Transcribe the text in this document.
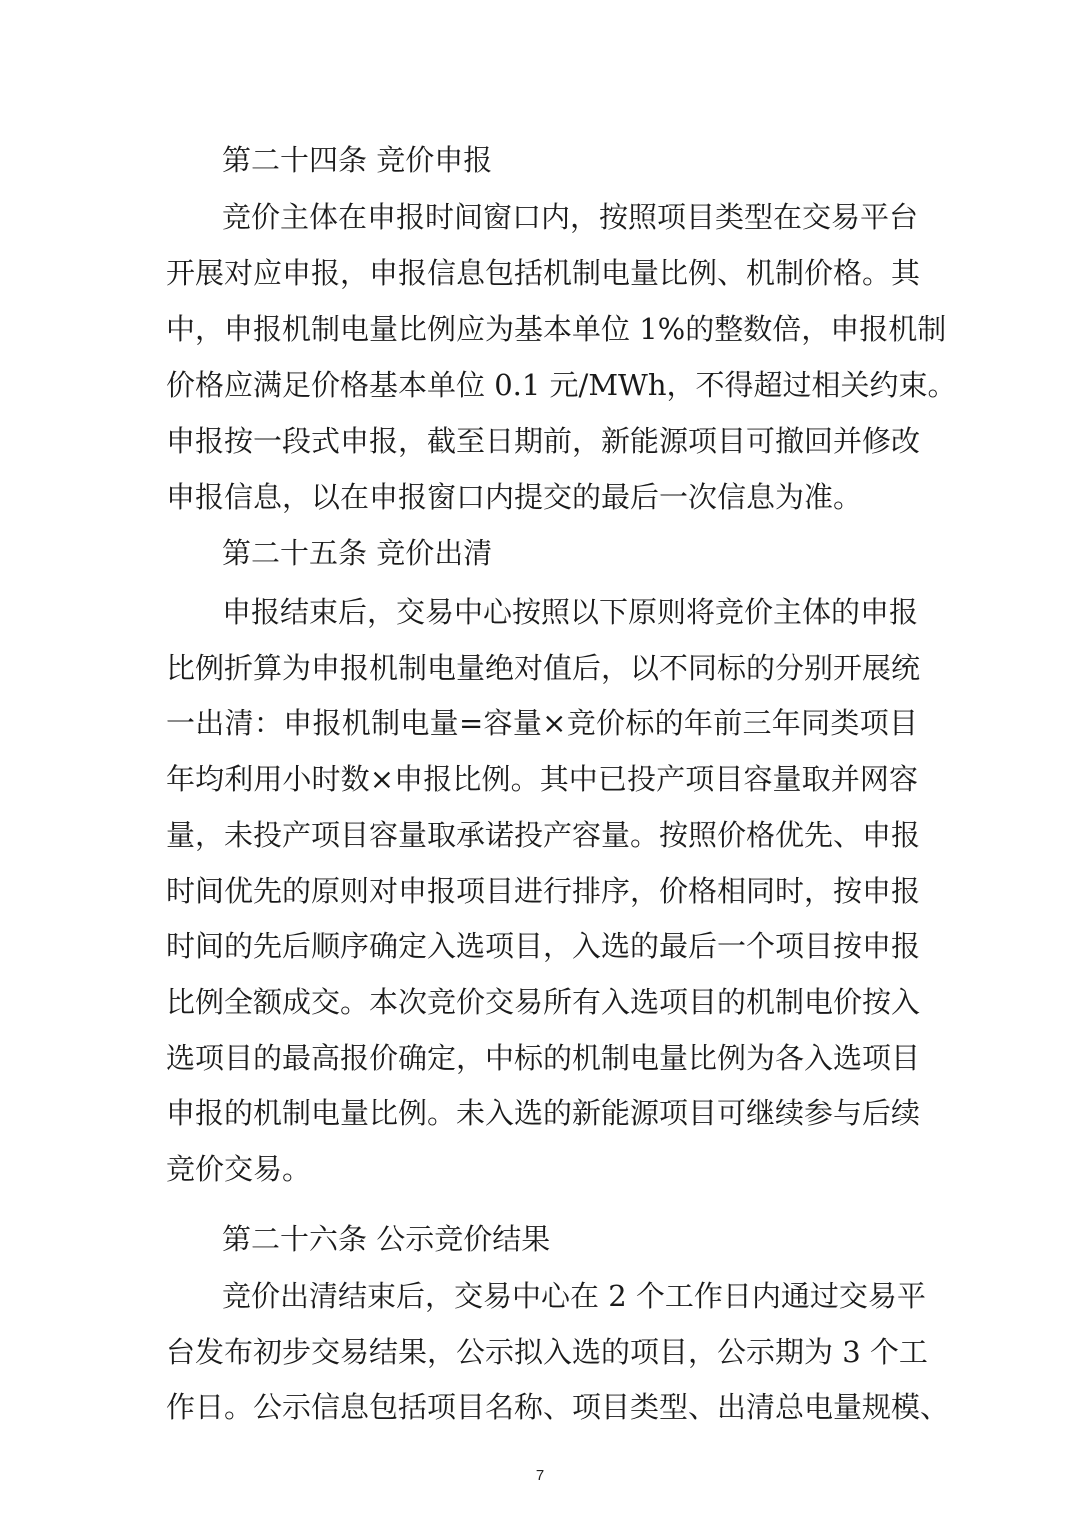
第二十四条 竞价申报
竞价主体在申报时间窗口内，按照项目类型在交易平台
开展对应申报，申报信息包括机制电量比例、机制价格。其
中，申报机制电量比例应为基本单位 1%的整数倍，申报机制
价格应满足价格基本单位 0.1 元/MWh，不得超过相关约束。
申报按一段式申报，截至日期前，新能源项目可撤回并修改
申报信息，以在申报窗口内提交的最后一次信息为准。
第二十五条 竞价出清
申报结束后，交易中心按照以下原则将竞价主体的申报
比例折算为申报机制电量绝对值后，以不同标的分别开展统
一出清：申报机制电量=容量×竞价标的年前三年同类项目
年均利用小时数×申报比例。其中已投产项目容量取并网容
量，未投产项目容量取承诺投产容量。按照价格优先、申报
时间优先的原则对申报项目进行排序，价格相同时，按申报
时间的先后顺序确定入选项目，入选的最后一个项目按申报
比例全额成交。本次竞价交易所有入选项目的机制电价按入
选项目的最高报价确定，中标的机制电量比例为各入选项目
申报的机制电量比例。未入选的新能源项目可继续参与后续
竞价交易。
第二十六条 公示竞价结果
竞价出清结束后，交易中心在 2 个工作日内通过交易平
台发布初步交易结果，公示拟入选的项目，公示期为 3 个工
作日。公示信息包括项目名称、项目类型、出清总电量规模、
7
